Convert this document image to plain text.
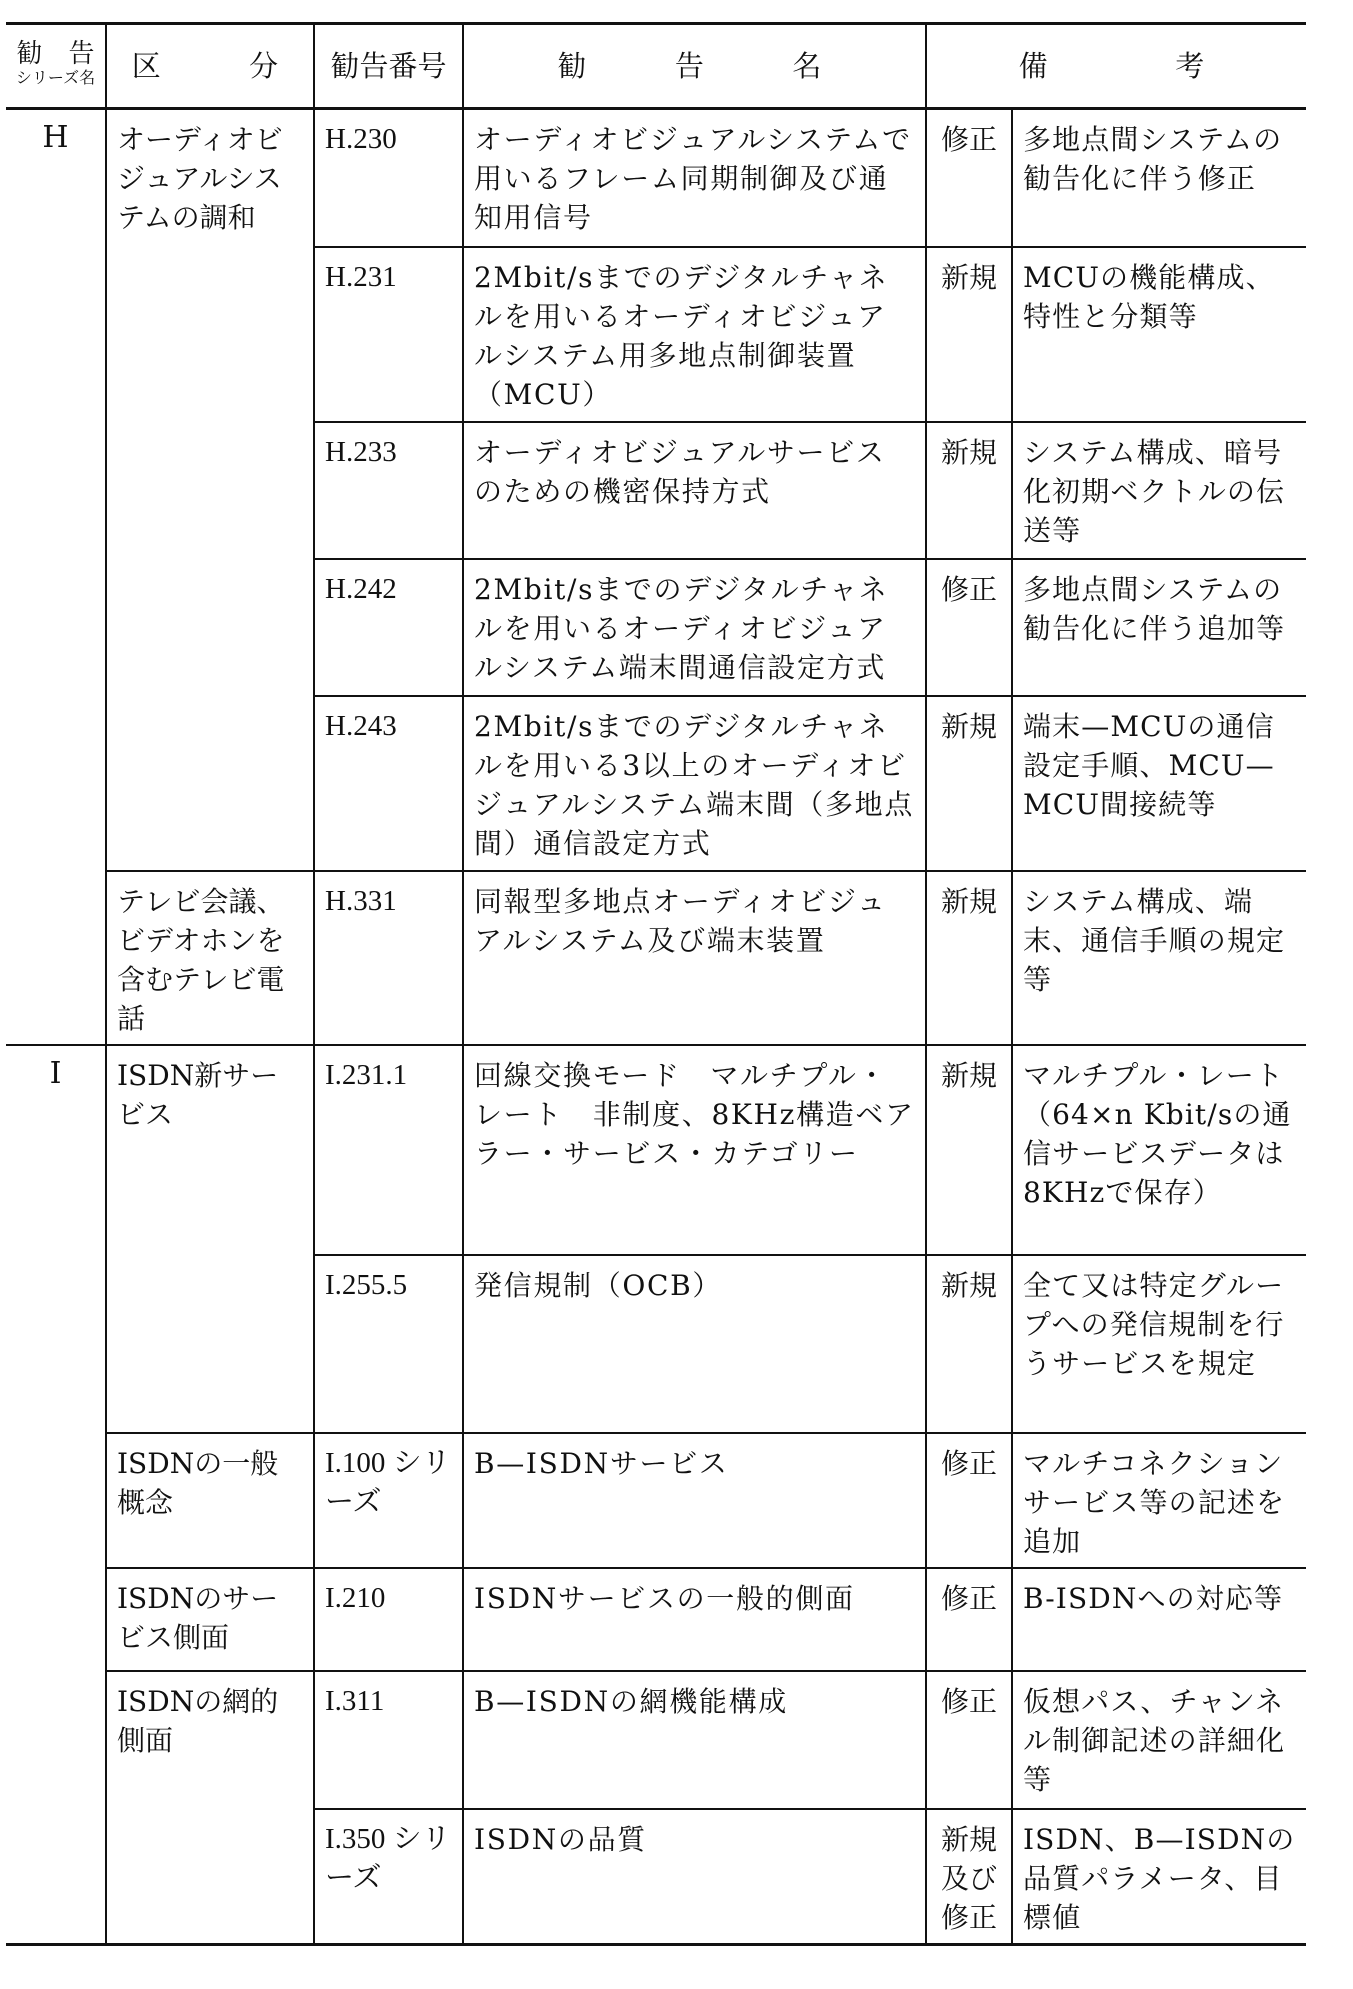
勧　告
シリーズ名	区　　分	勧告番号	勧　　告　　名	備　　　考	
H	オーディオビジュアルシステムの調和	H.230	オーディオビジュアルシステムで用いるフレーム同期制御及び通知用信号	修正	多地点間システムの勧告化に伴う修正
		H.231	2Mbit/sまでのデジタルチャネルを用いるオーディオビジュアルシステム用多地点制御装置（MCU）	新規	MCUの機能構成、特性と分類等
		H.233	オーディオビジュアルサービスのための機密保持方式	新規	システム構成、暗号化初期ベクトルの伝送等
		H.242	2Mbit/sまでのデジタルチャネルを用いるオーディオビジュアルシステム端末間通信設定方式	修正	多地点間システムの勧告化に伴う追加等
		H.243	2Mbit/sまでのデジタルチャネルを用いる3以上のオーディオビジュアルシステム端末間（多地点間）通信設定方式	新規	端末—MCUの通信設定手順、MCU—MCU間接続等
	テレビ会議、ビデオホンを含むテレビ電話	H.331	同報型多地点オーディオビジュアルシステム及び端末装置	新規	システム構成、端末、通信手順の規定等
I	ISDN新サービス	I.231.1	回線交換モード　マルチプル・レート　非制度、8KHz構造ベアラー・サービス・カテゴリー	新規	マルチプル・レート（64×n Kbit/sの通信サービスデータは8KHzで保存）
		I.255.5	発信規制（OCB）	新規	全て又は特定グループへの発信規制を行うサービスを規定
	ISDNの一般概念	I.100 シリーズ	B—ISDNサービス	修正	マルチコネクションサービス等の記述を追加
	ISDNのサービス側面	I.210	ISDNサービスの一般的側面	修正	B-ISDNへの対応等
	ISDNの網的側面	I.311	B—ISDNの網機能構成	修正	仮想パス、チャンネル制御記述の詳細化等
		I.350 シリーズ	ISDNの品質	新規及び修正	ISDN、B—ISDNの品質パラメータ、目標値
